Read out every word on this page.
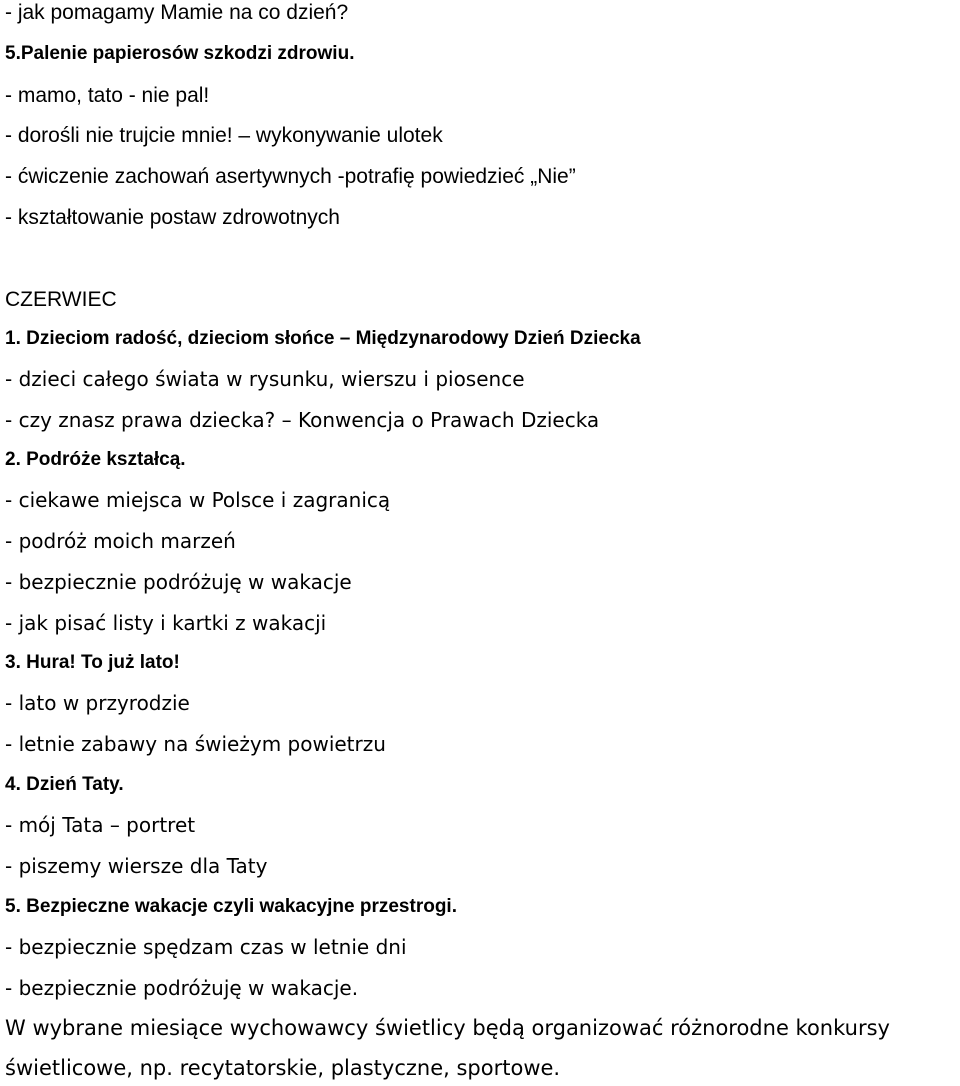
- jak pomagamy Mamie na co dzień?
5.Palenie papierosów szkodzi zdrowiu.
- mamo, tato - nie pal!
- dorośli nie trujcie mnie! – wykonywanie ulotek
- ćwiczenie zachowań asertywnych -potrafię powiedzieć „Nie”
- kształtowanie postaw zdrowotnych
CZERWIEC
1. Dzieciom radość, dzieciom słońce – Międzynarodowy Dzień Dziecka
- dzieci całego świata w rysunku, wierszu i piosence
- czy znasz prawa dziecka? – Konwencja o Prawach Dziecka
2. Podróże kształcą.
- ciekawe miejsca w Polsce i zagranicą
- podróż moich marzeń
- bezpiecznie podróżuję w wakacje
- jak pisać listy i kartki z wakacji
3. Hura! To już lato!
- lato w przyrodzie
- letnie zabawy na świeżym powietrzu
4. Dzień Taty.
- mój Tata – portret
- piszemy wiersze dla Taty
5. Bezpieczne wakacje czyli wakacyjne przestrogi.
- bezpiecznie spędzam czas w letnie dni
- bezpiecznie podróżuję w wakacje.
W wybrane miesiące wychowawcy świetlicy będą organizować różnorodne konkursy
świetlicowe, np. recytatorskie, plastyczne, sportowe.
